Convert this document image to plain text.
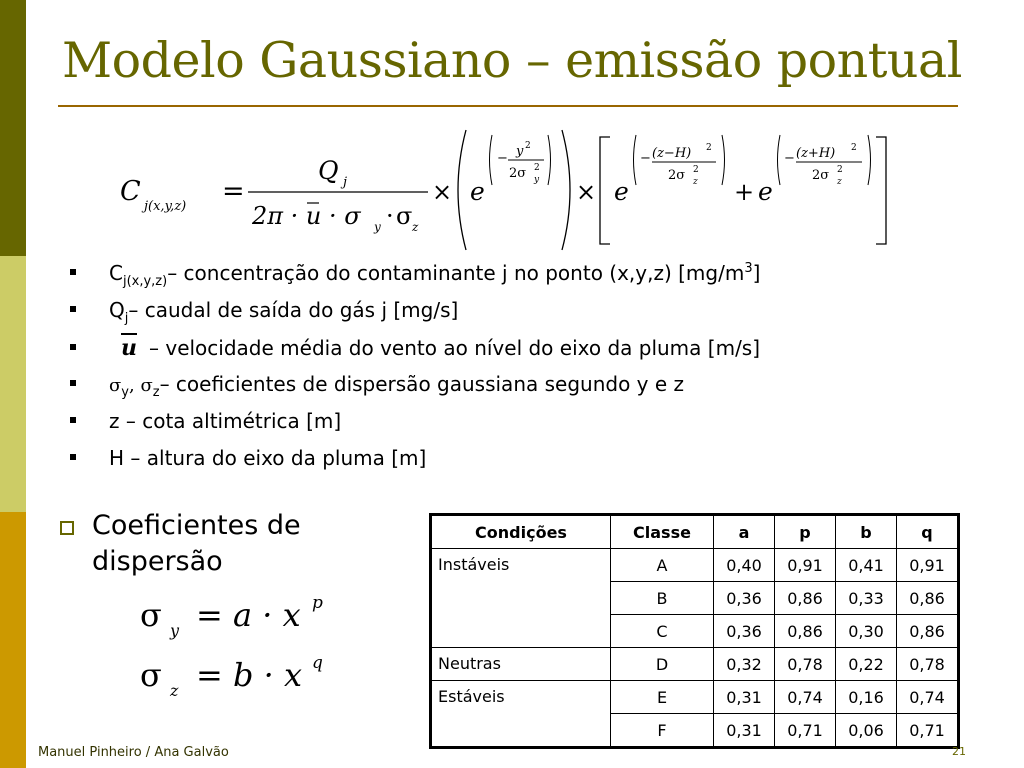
Modelo Gaussiano – emissão pontual
C j(x,y,z) =
Q j
2π · u · σ y · σ z
× e
− y 2
2σ 2
y × e
− (z−H) 2
2σ 2
z + e
− (z+H) 2
2σ 2
z
C j(x,y,z) – concentração do contaminante j no ponto (x,y,z) [mg/m 3 ]
Q j – caudal de saída do gás j [mg/s]
$\overline{u}$ – velocidade média do vento ao nível do eixo da pluma [m/s]
σ y , σ z – coeficientes de dispersão gaussiana segundo y e z
z – cota altimétrica [m]
H – altura do eixo da pluma [m]
Coeficientes de
dispersão
σ y = a · x p
σ z = b · x q
Condições	Classe	a	p	b	q
Instáveis	A	0,40	0,91	0,41	0,91
	B	0,36	0,86	0,33	0,86
	C	0,36	0,86	0,30	0,86
Neutras	D	0,32	0,78	0,22	0,78
Estáveis	E	0,31	0,74	0,16	0,74
	F	0,31	0,71	0,06	0,71
Manuel Pinheiro / Ana Galvão	21
